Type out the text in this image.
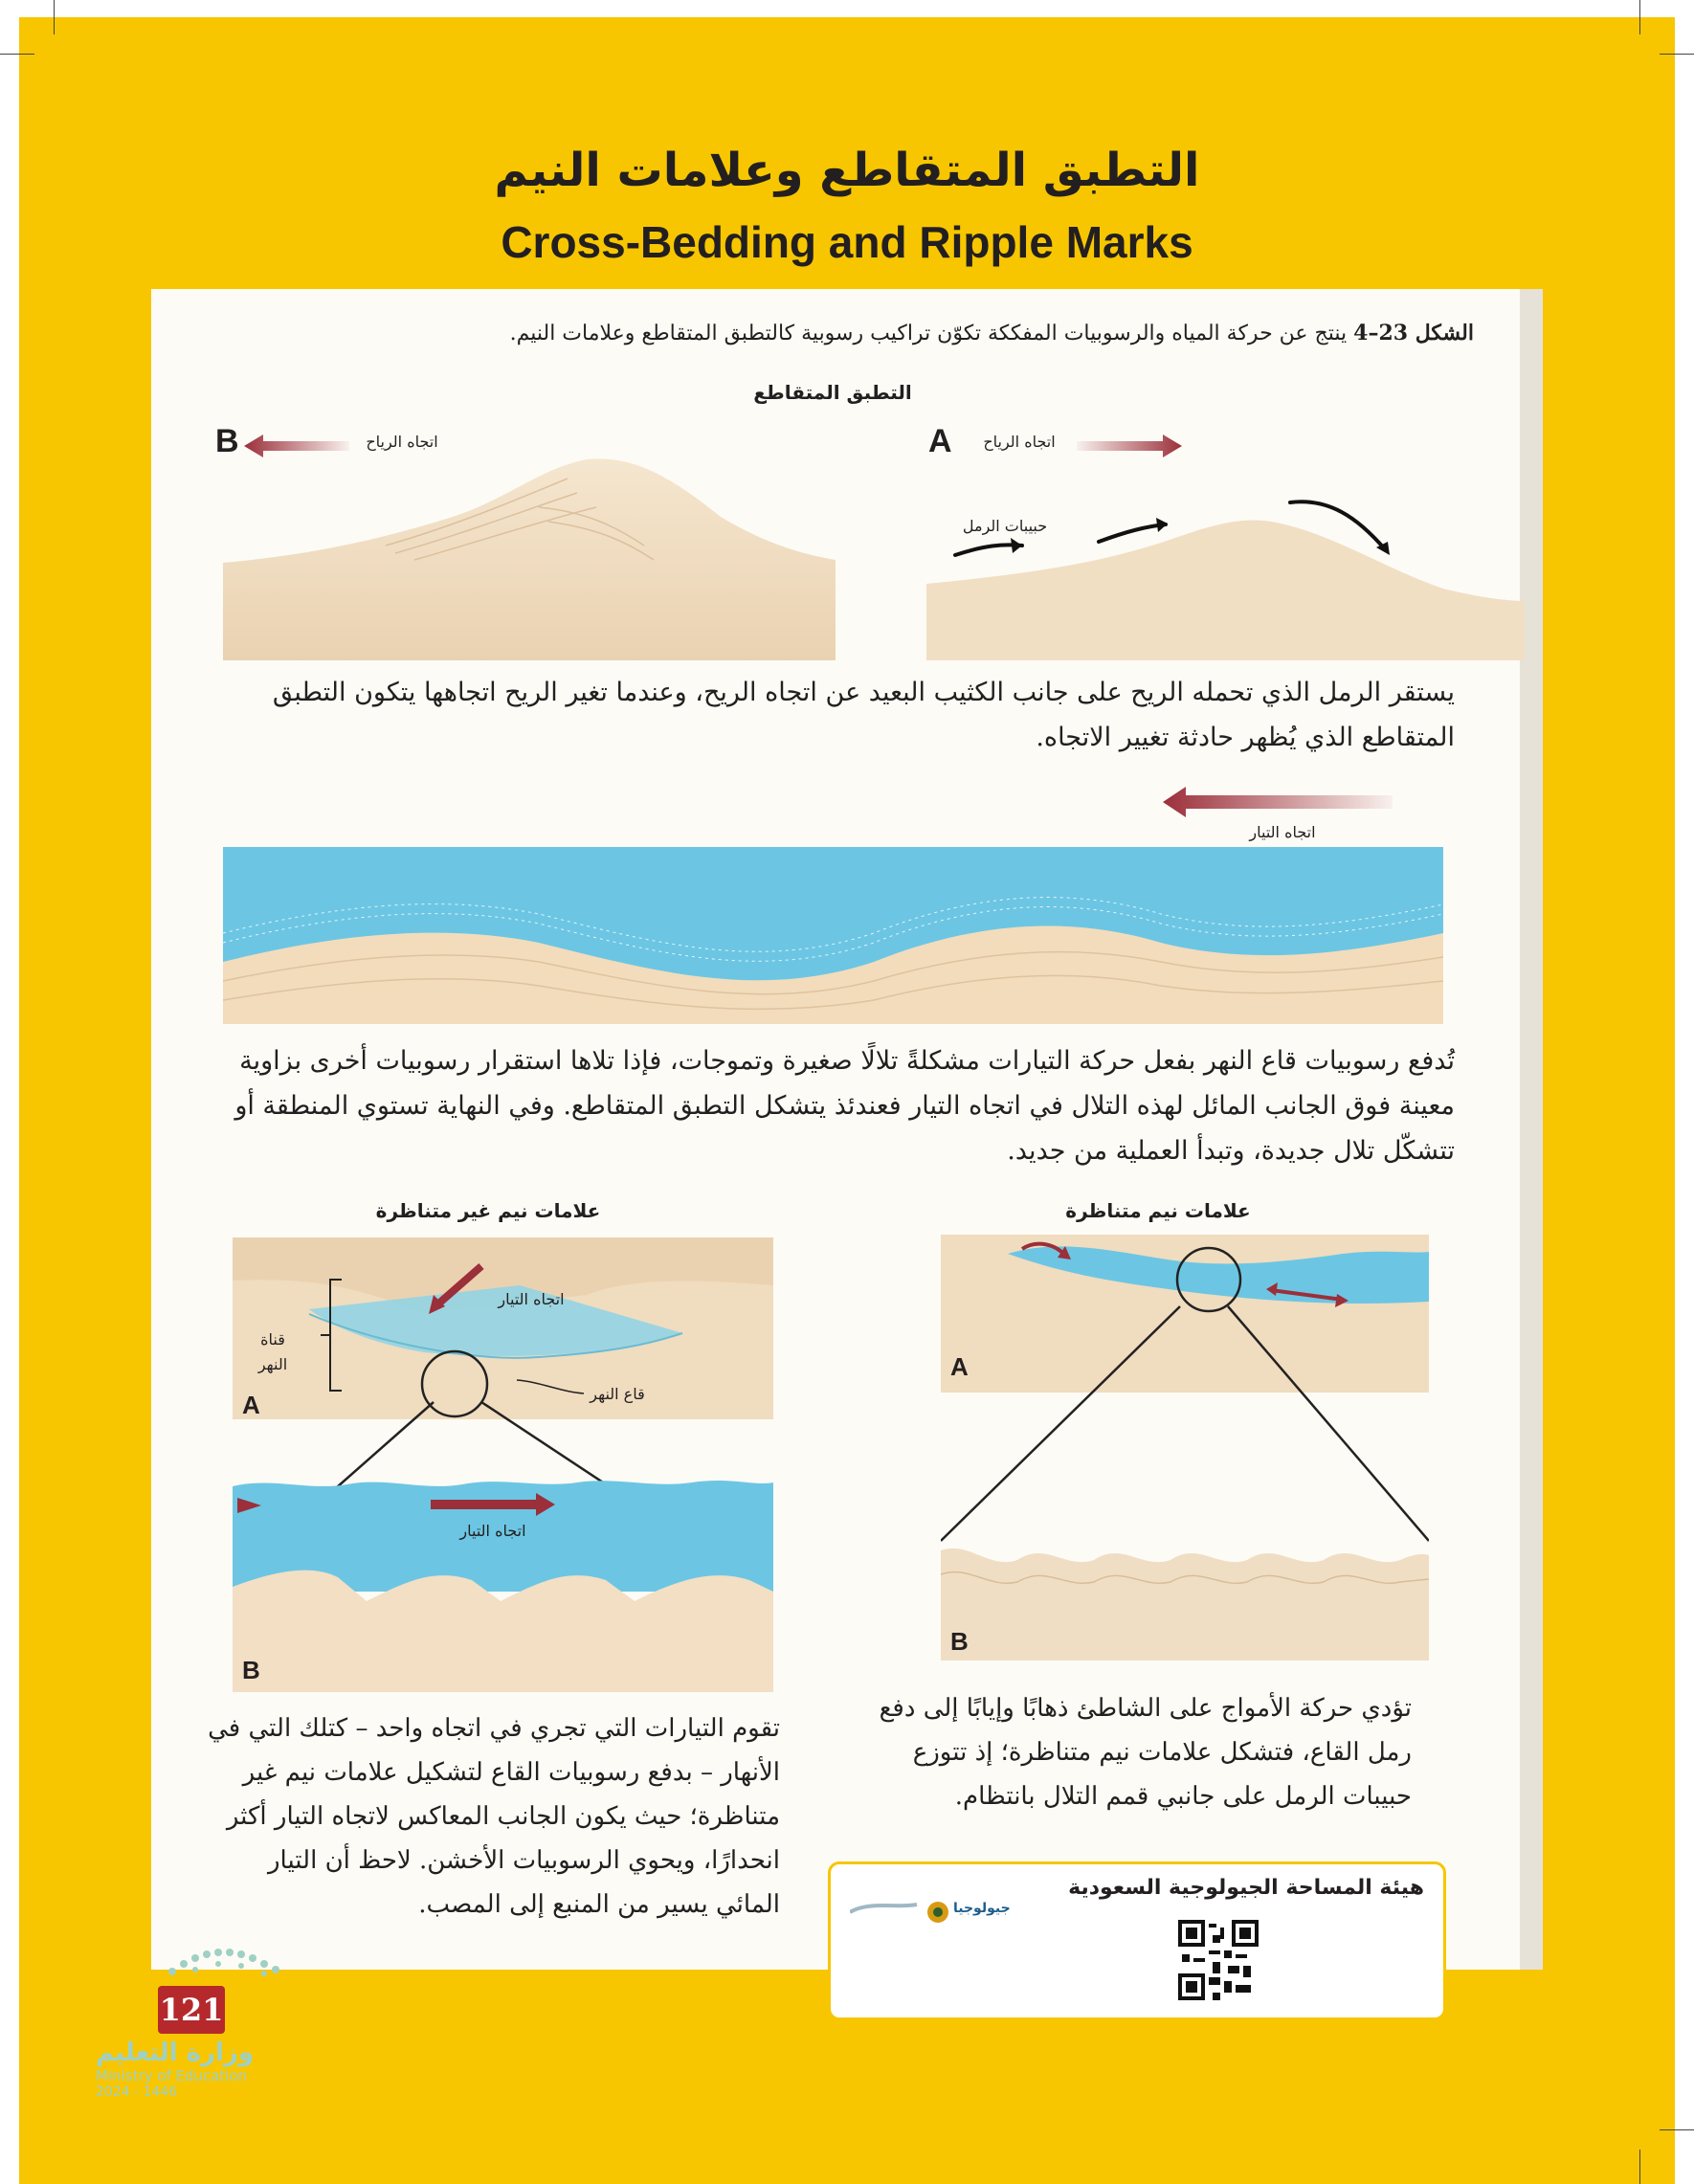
التطبق المتقاطع وعلامات النيم
Cross-Bedding and Ripple Marks
الشكل 23–4 ينتج عن حركة المياه والرسوبيات المفككة تكوّن تراكيب رسوبية كالتطبق المتقاطع وعلامات النيم.
التطبق المتقاطع
B	اتجاه الرياح	A	اتجاه الرياح
حبيبات الرمل
يستقر الرمل الذي تحمله الريح على جانب الكثيب البعيد عن اتجاه الريح، وعندما تغير الريح اتجاهها يتكون التطبق المتقاطع الذي يُظهر حادثة تغيير الاتجاه.
اتجاه التيار
تُدفع رسوبيات قاع النهر بفعل حركة التيارات مشكلةً تلالًا صغيرة وتموجات، فإذا تلاها استقرار رسوبيات أخرى بزاوية معينة فوق الجانب المائل لهذه التلال في اتجاه التيار فعندئذ يتشكل التطبق المتقاطع. وفي النهاية تستوي المنطقة أو تتشكّل تلال جديدة، وتبدأ العملية من جديد.
علامات نيم غير متناظرة
اتجاه التيار
قناة النهر
قاع النهر
A
اتجاه التيار
B
تقوم التيارات التي تجري في اتجاه واحد – كتلك التي في الأنهار – بدفع رسوبيات القاع لتشكيل علامات نيم غير متناظرة؛ حيث يكون الجانب المعاكس لاتجاه التيار أكثر انحدارًا، ويحوي الرسوبيات الأخشن. لاحظ أن التيار المائي يسير من المنبع إلى المصب.
علامات نيم متناظرة
A
B
تؤدي حركة الأمواج على الشاطئ ذهابًا وإيابًا إلى دفع رمل القاع، فتشكل علامات نيم متناظرة؛ إذ تتوزع حبيبات الرمل على جانبي قمم التلال بانتظام.
هيئة المساحة الجيولوجية السعودية
جيولوجيا
121
وزارة التعليم
Ministry of Education
2024 - 1446
